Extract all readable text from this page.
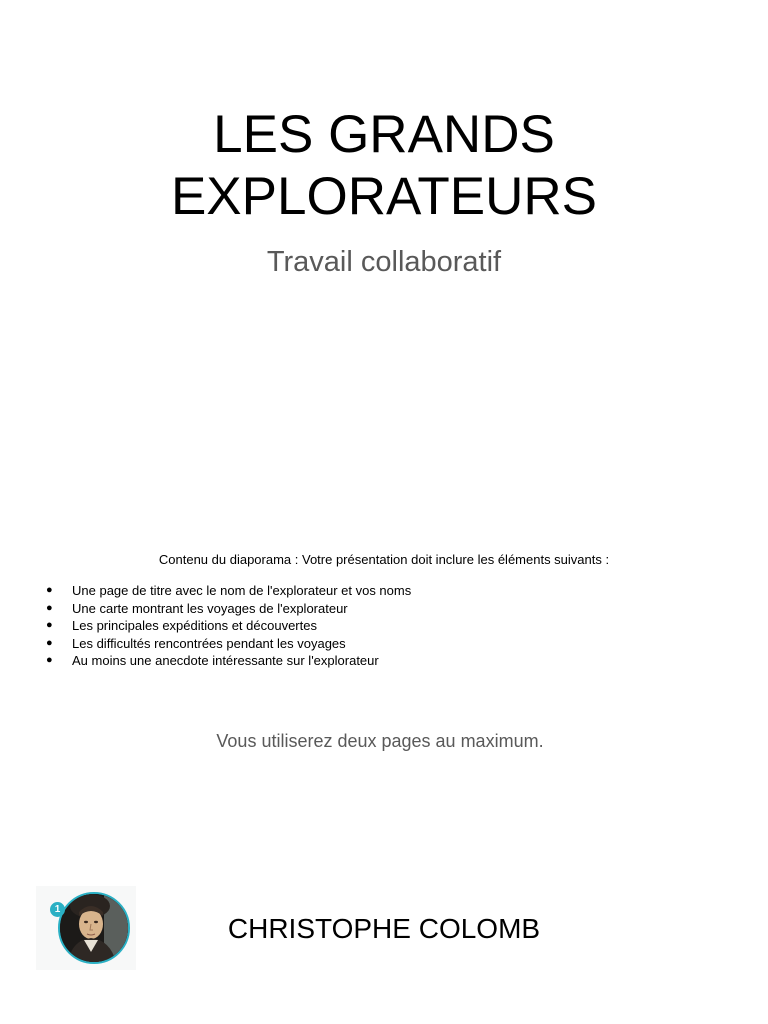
LES GRANDS
EXPLORATEURS

Travail collaboratif

Contenu du diaporama : Votre présentation doit inclure les éléments suivants :

● Une page de titre avec le nom de l'explorateur et vos noms
● Une carte montrant les voyages de l'explorateur
● Les principales expéditions et découvertes
● Les difficultés rencontrées pendant les voyages
● Au moins une anecdote intéressante sur l'explorateur

Vous utiliserez deux pages au maximum.

1
CHRISTOPHE COLOMB
